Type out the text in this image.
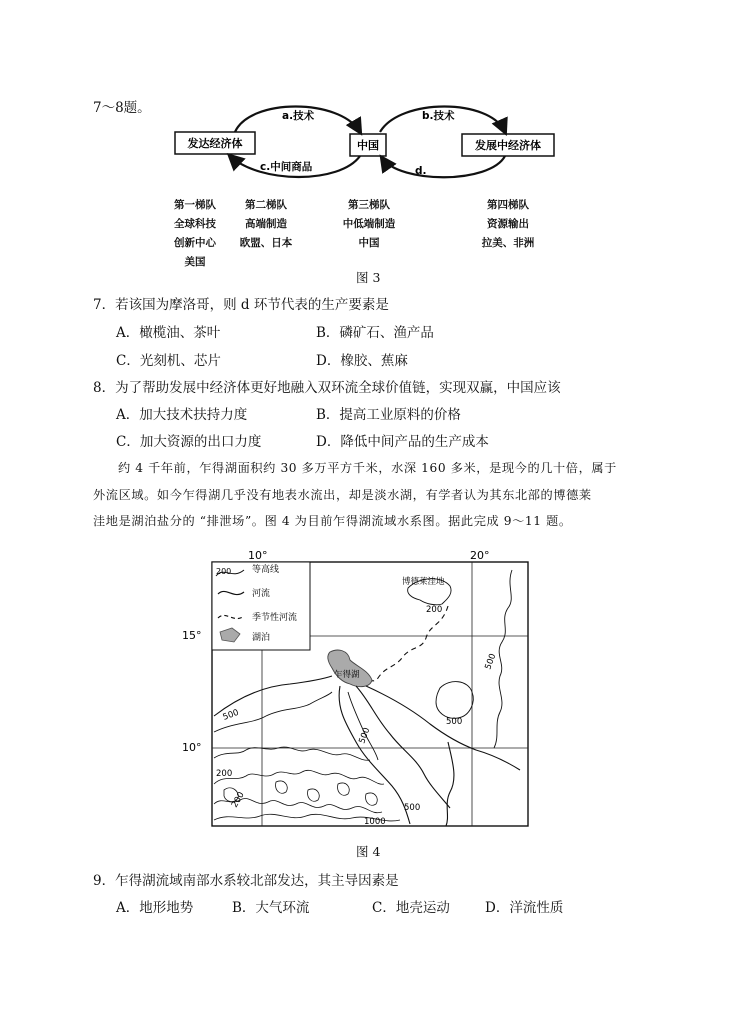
7～8题。
发达经济体	中国	发展中经济体
a.技术	b.技术
c.中间商品	d.
第一梯队
全球科技
创新中心
美国
第二梯队
高端制造
欧盟、日本
第三梯队
中低端制造
中国
第四梯队
资源输出
拉美、非洲
图 3
7．若该国为摩洛哥，则 d 环节代表的生产要素是
A．橄榄油、茶叶	B．磷矿石、渔产品
C．光刻机、芯片	D．橡胶、蕉麻
8．为了帮助发展中经济体更好地融入双环流全球价值链，实现双赢，中国应该
A．加大技术扶持力度	B．提高工业原料的价格
C．加大资源的出口力度	D．降低中间产品的生产成本
约 4 千年前，乍得湖面积约 30 多万平方千米，水深 160 多米，是现今的几十倍，属于
外流区域。如今乍得湖几乎没有地表水流出，却是淡水湖，有学者认为其东北部的博德莱
洼地是湖泊盐分的 “排泄场”。图 4 为目前乍得湖流域水系图。据此完成 9～11 题。
10°	20°
15°
10°
200 等高线
河流
季节性河流
湖泊
博德莱洼地
200
乍得湖
500
500
500
500
200
200	500
1000
图 4
9．乍得湖流域南部水系较北部发达，其主导因素是
A．地形地势	B．大气环流	C．地壳运动	D．洋流性质
